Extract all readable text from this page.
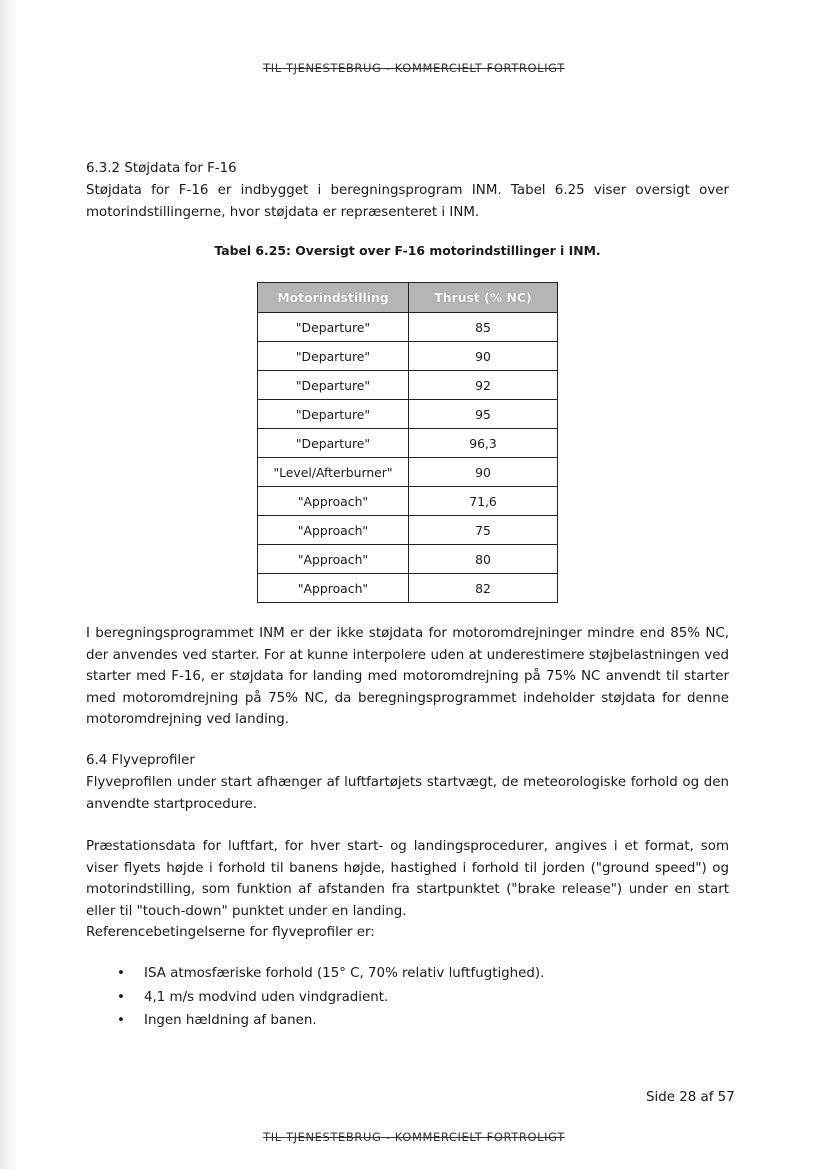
TIL TJENESTEBRUG - KOMMERCIELT FORTROLIGT
6.3.2 Støjdata for F-16

Støjdata for F-16 er indbygget i beregningsprogram INM. Tabel 6.25 viser oversigt over motorindstillingerne, hvor støjdata er repræsenteret i INM.

Tabel 6.25: Oversigt over F-16 motorindstillinger i INM.

Motorindstilling	Thrust (% NC)
"Departure"	85
"Departure"	90
"Departure"	92
"Departure"	95
"Departure"	96,3
"Level/Afterburner"	90
"Approach"	71,6
"Approach"	75
"Approach"	80
"Approach"	82

I beregningsprogrammet INM er der ikke støjdata for motoromdrejninger mindre end 85% NC, der anvendes ved starter. For at kunne interpolere uden at underestimere støjbelastningen ved starter med F-16, er støjdata for landing med motoromdrejning på 75% NC anvendt til starter med motoromdrejning på 75% NC, da beregningsprogrammet indeholder støjdata for denne motoromdrejning ved landing.

6.4 Flyveprofiler

Flyveprofilen under start afhænger af luftfartøjets startvægt, de meteorologiske forhold og den anvendte startprocedure.

Præstationsdata for luftfart, for hver start- og landingsprocedurer, angives i et format, som viser flyets højde i forhold til banens højde, hastighed i forhold til jorden ("ground speed") og motorindstilling, som funktion af afstanden fra startpunktet ("brake release") under en start eller til "touch-down" punktet under en landing.

Referencebetingelserne for flyveprofiler er:

• ISA atmosfæriske forhold (15° C, 70% relativ luftfugtighed).
• 4,1 m/s modvind uden vindgradient.
• Ingen hældning af banen.
Side 28 af 57
TIL TJENESTEBRUG - KOMMERCIELT FORTROLIGT
